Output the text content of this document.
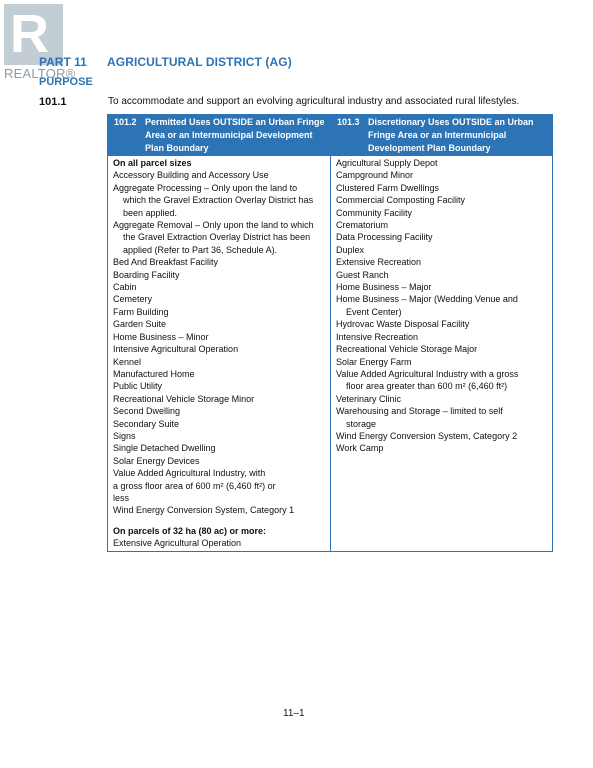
R
REALTOR®
PART 11
PURPOSE
AGRICULTURAL DISTRICT (AG)
101.1	To accommodate and support an evolving agricultural industry and associated rural lifestyles.
101.2 Permitted Uses OUTSIDE an Urban Fringe Area or an Intermunicipal Development Plan Boundary
101.3 Discretionary Uses OUTSIDE an Urban Fringe Area or an Intermunicipal Development Plan Boundary
On all parcel sizes
Accessory Building and Accessory Use
Aggregate Processing – Only upon the land to
which the Gravel Extraction Overlay District has
been applied.
Aggregate Removal – Only upon the land to which
the Gravel Extraction Overlay District has been
applied (Refer to Part 36, Schedule A).
Bed And Breakfast Facility
Boarding Facility
Cabin
Cemetery
Farm Building
Garden Suite
Home Business – Minor
Intensive Agricultural Operation
Kennel
Manufactured Home
Public Utility
Recreational Vehicle Storage Minor
Second Dwelling
Secondary Suite
Signs
Single Detached Dwelling
Solar Energy Devices
Value Added Agricultural Industry, with
a gross floor area of 600 m² (6,460 ft²) or
less
Wind Energy Conversion System, Category 1
On parcels of 32 ha (80 ac) or more:
Extensive Agricultural Operation
Agricultural Supply Depot
Campground Minor
Clustered Farm Dwellings
Commercial Composting Facility
Community Facility
Crematorium
Data Processing Facility
Duplex
Extensive Recreation
Guest Ranch
Home Business – Major
Home Business – Major (Wedding Venue and
Event Center)
Hydrovac Waste Disposal Facility
Intensive Recreation
Recreational Vehicle Storage Major
Solar Energy Farm
Value Added Agricultural Industry with a gross
floor area greater than 600 m² (6,460 ft²)
Veterinary Clinic
Warehousing and Storage – limited to self
storage
Wind Energy Conversion System, Category 2
Work Camp
11–1
